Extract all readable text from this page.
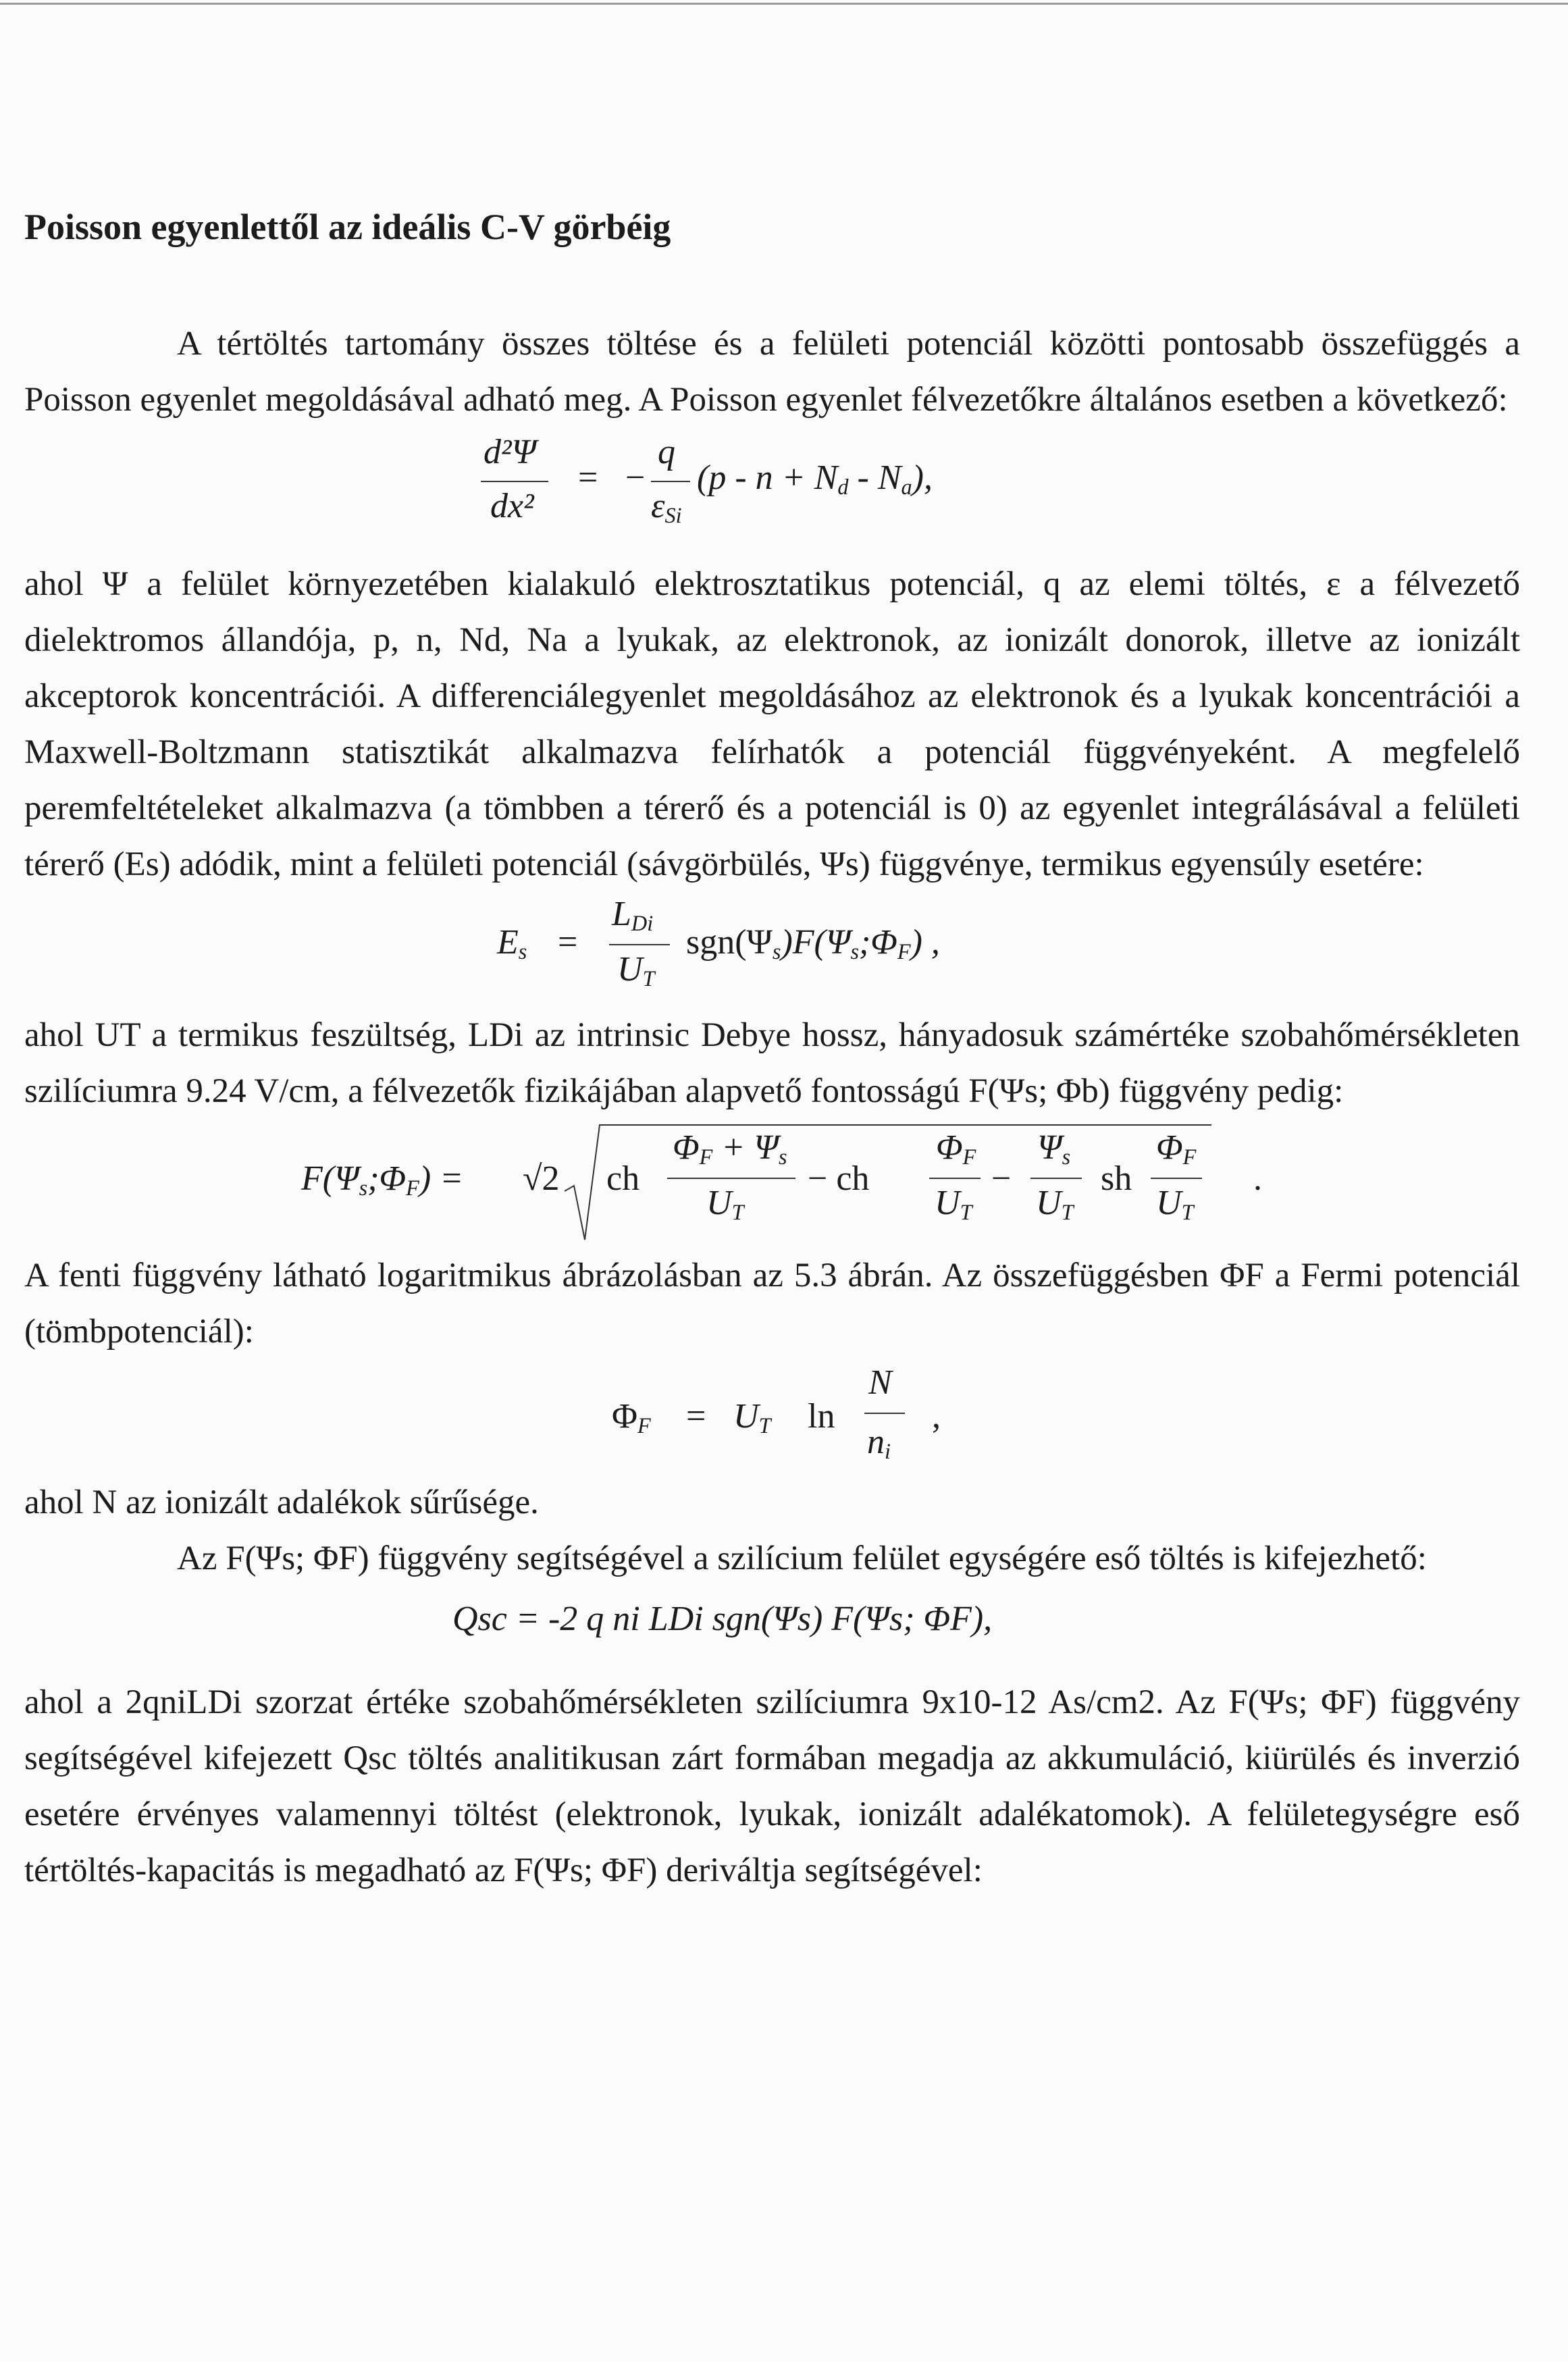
Poisson egyenlettől az ideális C-V görbéig

A tértöltés tartomány összes töltése és a felületi potenciál közötti pontosabb összefüggés a Poisson egyenlet megoldásával adható meg. A Poisson egyenlet félvezetőkre általános esetben a következő:

d²Ψ
dx²
= −
q
$\varepsilon_{Si}$
$(p - n + N_d - N_a)$,

ahol Ψ a felület környezetében kialakuló elektrosztatikus potenciál, q az elemi töltés, ε a félvezető dielektromos állandója, p, n, Nd, Na a lyukak, az elektronok, az ionizált donorok, illetve az ionizált akceptorok koncentrációi. A differenciálegyenlet megoldásához az elektronok és a lyukak koncentrációi a Maxwell-Boltzmann statisztikát alkalmazva felírhatók a potenciál függvényeként. A megfelelő peremfeltételeket alkalmazva (a tömbben a térerő és a potenciál is 0) az egyenlet integrálásával a felületi térerő (Es) adódik, mint a felületi potenciál (sávgörbülés, Ψs) függvénye, termikus egyensúly esetére:

$E_s$ =
$L_{Di}$
$U_T$
$sgn(\Psi_s)F(\Psi_s;\Phi_F)$ ,

ahol UT a termikus feszültség, LDi az intrinsic Debye hossz, hányadosuk számértéke szobahőmérsékleten szilíciumra 9.24 V/cm, a félvezetők fizikájában alapvető fontosságú F(Ψs; Φb) függvény pedig:

$F(\Psi_s;\Phi_F) = √2$ ch
$\Phi_F + \Psi_s$
$U_T$
− ch
$\Phi_F$
$U_T$
−
$\Psi_s$
$U_T$
sh
$\Phi_F$
$U_T$
.

A fenti függvény látható logaritmikus ábrázolásban az 5.3 ábrán. Az összefüggésben ΦF a Fermi potenciál (tömbpotenciál):

$\Phi_F = U_T$ ln
N
$n_i$
,

ahol N az ionizált adalékok sűrűsége.

Az F(Ψs; ΦF) függvény segítségével a szilícium felület egységére eső töltés is kifejezhető:

Qsc = -2 q ni LDi sgn(Ψs) F(Ψs; ΦF),

ahol a 2qniLDi szorzat értéke szobahőmérsékleten szilíciumra 9x10-12 As/cm2. Az F(Ψs; ΦF) függvény segítségével kifejezett Qsc töltés analitikusan zárt formában megadja az akkumuláció, kiürülés és inverzió esetére érvényes valamennyi töltést (elektronok, lyukak, ionizált adalékatomok). A felületegységre eső tértöltés-kapacitás is megadható az F(Ψs; ΦF) deriváltja segítségével:
